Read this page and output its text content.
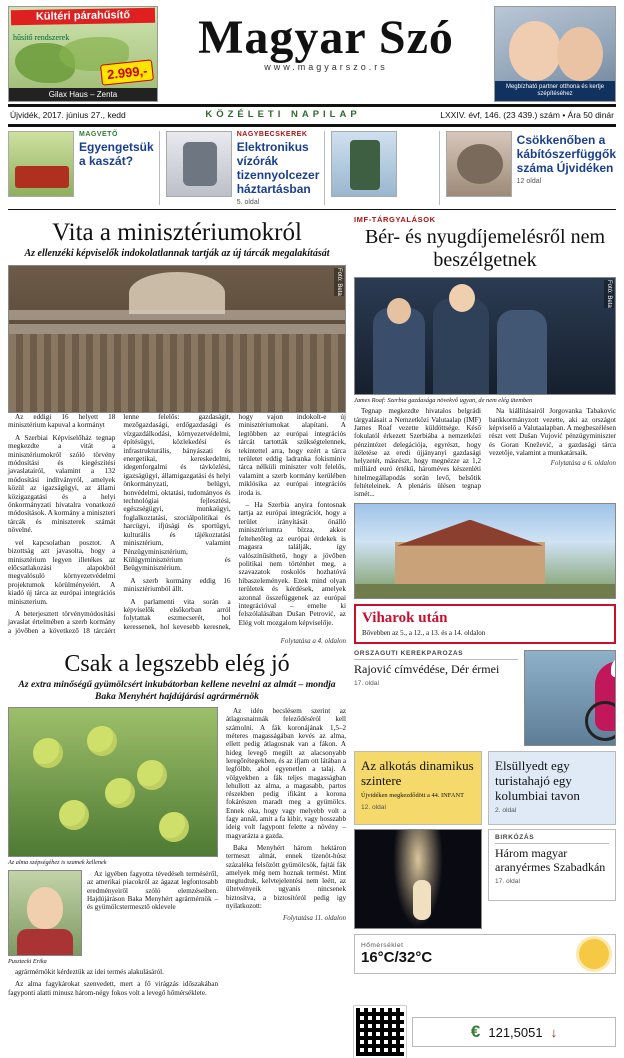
Kültéri párahűsítő
hűsítő rendszerek
2.999,-
Gilax Haus – Zenta
Magyar Szó
www.magyarszo.rs
Megbízható partner otthona és kertje szépítéséhez
Újvidék, 2017. június 27., kedd	KÖZÉLETI NAPILAP	LXXIV. évf, 146. (23 439.) szám • Ára 50 dinár
MAGVETŐ
Egyengetsük a kaszát?
NAGYBECSKEREK
Elektronikus vízórák tizennyolcezer háztartásban
5. oldal
Csökkenőben a kábítószerfüggők száma Újvidéken
12 oldal
Vita a minisztériumokról
Az ellenzéki képviselők indokolatlannak tartják az új tárcák megalakítását
Fotó: Beta

Az eddigi 16 helyett 18 minisztérium kapuval a kormányt

A Szerbiai Képviselőház tegnap megkezdte a vitát a minisztériumokról szóló törvény módosítási és kiegészítési javaslatairól, valamint a 132 módosítási indítványról, amelyek közül az igazságügyi, az állami közigazgatási és a helyi önkormányzati hivatalra vonatkozó módosítások. A kormány a miniszteri tárcák és miniszterek számát növelné.

vel kapcsolatban posztot. A bizottság azt javasolta, hogy a minisztérium legyen illetékes az előcsatlakozási alapokból megvalósuló környezetvédelmi projektumok körülményeiért. A kiadó új tárca az európai integrációs miniszterium.

A beterjesztett törvénymódosítási javaslat értelmében a szerb kormány a jövőben a következő 18 tárcáért lenne felelős: gazdaságit, mezőgazdasági, erdőgazdasági és vízgazdálkodási, környezetvédelmi, építésügyi, közlekedési és infrastrukturális, bányászati és energetikai, kereskedelmi, idegenforgalmi és távközlési, igazságügyi, államigazgatási és helyi önkormányzati, belügyi, honvédelmi, oktatási, tudományos és technológiai fejlesztési, egészségügyi, munkaügyi, foglalkoztatási, szociálpolitikai és harcügyi, ifjúsági és sportügyi, kulturális és tájékoztatási minisztérium, valamint Pénzügyminisztérium, Külügyminisztérium és Beügyminisztérium.

A szerb kormány eddig 16 minisztériumból állt.

A parlamenti vita során a képviselők elsőkorban arról folytattak eszmecserét, hol keressenek, hol kevesebb keresnek, hogy vajon indokolt-e új minisztériumokat alapítani. A legtöbben az európai integrációs tárcát tartották szükségtelennek, tekintettel arra, hogy ezért a tárca területet eddig ladranka fokisminiv tárca nélküli miniszter volt felelős, valamint a szerb kormány kerülében miklósika az európai integrációs iroda is.

– Ha Szerbia anyira fontosnak tartja az európai integrációt, hogy a terület irányítását önálló minisztériumra bízza, akkor feltehetőleg az európai érdekek is magasra találják, így valószínűsíthető, hogy a jövőben politikai nem történhet meg, a szavazatok roskolós hozhatóvá hibaszelemények. Ezek mind olyan területek és kérdések, amelyek azonnal összefüggenek az európai integrációval – emelte ki felszólalásában Dušan Petrović, az Elég volt mozgalom képviselője.

Folytatása a 4. oldalon
Csak a legszebb elég jó
Az extra minőségű gyümölcsért inkubátorban kellene nevelni az almát – mondja Baka Menyhért hajdújárási agrármérnök
Az alma szépségéhez is szamek kellenek

Az igyében fagyotta tévedéseh terméséről, az amerikai piacokról az ágazat legfontosabb eredményeiről szóló elemzéseiben. Hajdújáráson Baka Menyhért agrármérnök – és gyümölcstermesztő oklevele

Pusztecki Erika

agrármérnökit kérdeztük az idei termés alakulásáról.

Az alma fagykárokat szenvedett, mert a fő virágzás időszakában fagyponti alatti minusz három-négy fokos volt a levegő hőmérséklete.

Az idén becslésem szerint az átlagosnainnák feleződéséról kell számolni. A fák koronájának 1,5–2 méteres magasságában kevés az alma, ellett pedig átlagosnak van a fákon. A hideg levegő megült az alacsonyabb leregőrétegekben, és az ifjam ott látában a legfölbb, ahol egyenetlen a talaj. A völgyekben a fák teljes magasságban lehullott az alma, a magasabb, partos részekben pedig ifikánt a korona fokárészen maradt meg a gyümölcs. Ennek oka, hogy vagy melyebb volt a fagy annál, amit a fa kibír, vagy hosszabb ideig volt fagypont felette a növény – magyarázta a gazda.

Baka Menyhért három hektáron termeszt almát, ennek tizenöt-húsz százaléka felsőzött gyümölcsök, fajtái fák amelyek még nem hoznak termést. Mint megtudtuk, kelvtejelentési nem leétt, az ültetvényeik ugyanis nincsenek biztosítva, a biztosítóról pedig igy nyilatkozott:

Folytatása 11. oldalon
IMF-TÁRGYALÁSOK
Bér- és nyugdíjemelésről nem beszélgetnek
Fotó: Beta
James Roaf: Szerbia gazdasága növekvő ugyan, de nem elég ütemben

Tegnap megkezdte hivatalos belgrádi tárgyalásait a Nemzetközi Valutaalap (IMF) James Roaf vezette küldöttsége. Késő fokulatól érkezett Szerbiába a nemzetközi pénzintézet delegációja, egyrészt, hogy ítéletése az eredi újjányanyi gazdasági helyzetét, másrészt, hogy megnézze az 1,2 milliárd euró értékű, hároméves készenléti hitelmegállapodás során levő, belsőtik feltételeinek. A plenáris ülésen tegnap ismét...

Na kiállításairól Jorgovanka Tabakovic bankkormányzott vezette, aki az országot képviselő a Valutaalapban. A megbeszélésen részt vett Dušan Vujović pénzügyminiszter és Goran Knežević, a gazdasági tárca vezetője, valamint a munkatársaik.

Folytatása a 6. oldalon
Viharok után
Bővebben az 5., a 12., a 13. és a 14. oldalon
ORSZÁGÚTI KERÉKPÁROZÁS
Rajović címvédése, Dér érmei
17. oldal
Az alkotás dinamikus szintere
Újvidéken megkezdődött a 44. INFANT
12. oldal
Elsüllyedt egy turistahajó egy kolumbiai tavon
2. oldal
BIRKÓZÁS
Három magyar aranyérmes Szabadkán
17. oldal
Hőmérséklet
16°C/32°C
€ 121,5051 ↓
